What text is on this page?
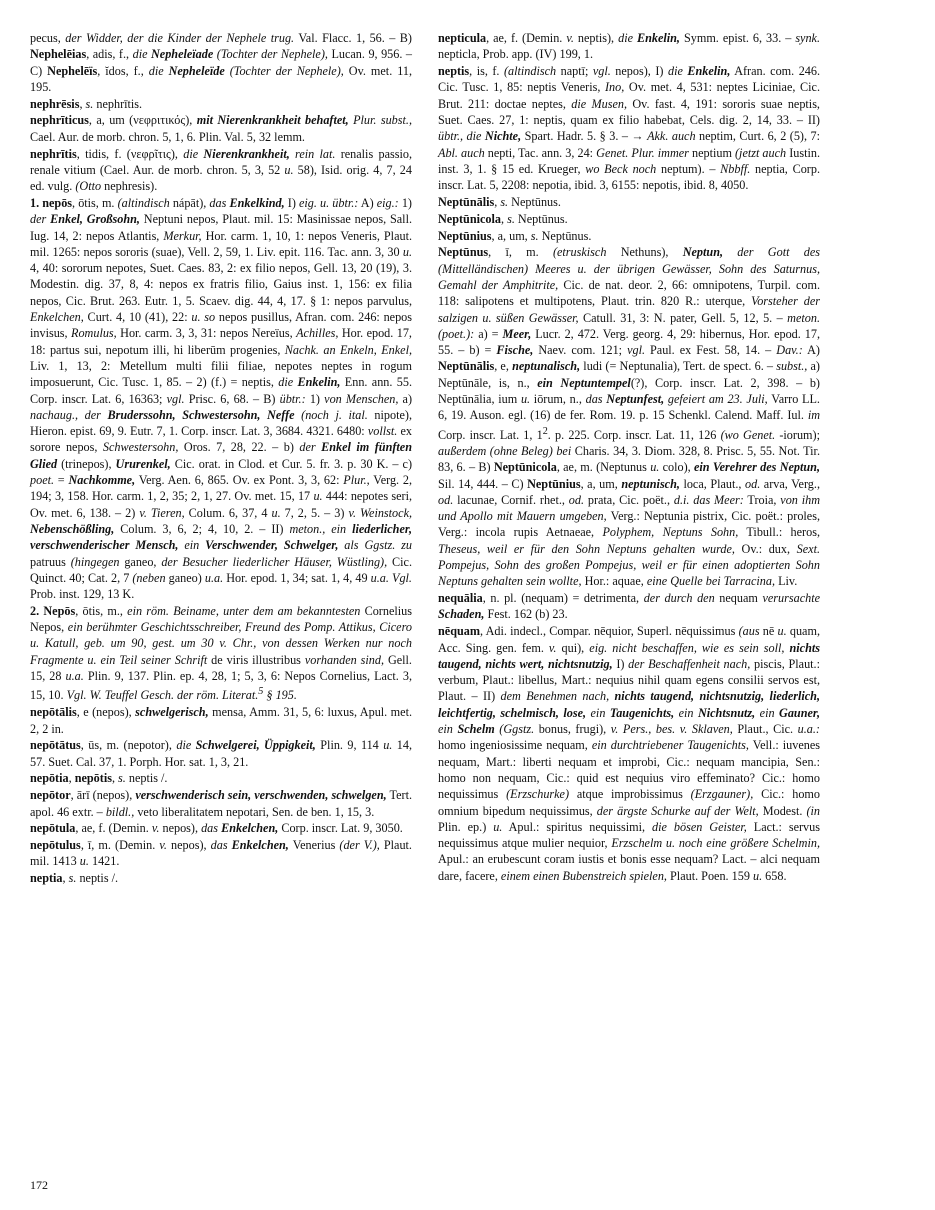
pecus, der Widder, der die Kinder der Nephele trug. Val. Flacc. 1, 56. – B) Nephelēias, adis, f., die Nepheleïade (Tochter der Nephele), Lucan. 9, 956. – C) Nephelēïs, ĭdos, f., die Nepheleïde (Tochter der Nephele), Ov. met. 11, 195.
nephrēsis, s. nephrītis.
nephrīticus, a, um (νεφριτικός), mit Nierenkrankheit behaftet, Plur. subst., Cael. Aur. de morb. chron. 5, 1, 6. Plin. Val. 5, 32 lemm.
nephrītis, tidis, f. (νεφρῖτις), die Nierenkrankheit, rein lat. renalis passio, renale vitium (Cael. Aur. de morb. chron. 5, 3, 52 u. 58), Isid. orig. 4, 7, 24 ed. vulg. (Otto nephresis).
1. nepōs, ōtis, m. (altindisch nápāt), das Enkelkind, I) eig. u. übtr.: A) eig.: 1) der Enkel, Großsohn, Neptuni nepos, Plaut. mil. 15: Masinissae nepos, Sall. Iug. 14, 2: nepos Atlantis, Merkur, Hor. carm. 1, 10, 1: nepos Veneris, Plaut. mil. 1265: nepos sororis (suae), Vell. 2, 59, 1. Liv. epit. 116. Tac. ann. 3, 30 u. 4, 40: sororum nepotes, Suet. Caes. 83, 2: ex filio nepos, Gell. 13, 20 (19), 3. Modestin. dig. 37, 8, 4: nepos ex fratris filio, Gaius inst. 1, 156: ex filia nepos, Cic. Brut. 263. Eutr. 1, 5. Scaev. dig. 44, 4, 17. § 1: nepos parvulus, Enkelchen, Curt. 4, 10 (41), 22: u. so nepos pusillus, Afran. com. 246: nepos invisus, Romulus, Hor. carm. 3, 3, 31: nepos Nereïus, Achilles, Hor. epod. 17, 18: partus sui, nepotum illi, hi liberūm progenies, Nachk. an Enkeln, Enkel, Liv. 1, 13, 2: Metellum multi filii filiae, nepotes neptes in rogum imposuerunt, Cic. Tusc. 1, 85. – 2) (f.) = neptis, die Enkelin, Enn. ann. 55. Corp. inscr. Lat. 6, 16363; vgl. Prisc. 6, 68. – B) übtr.: 1) von Menschen, a) nachaug., der Bruderssohn, Schwestersohn, Neffe (noch j. ital. nipote), Hieron. epist. 69, 9. Eutr. 7, 1. Corp. inscr. Lat. 3, 3684. 4321. 6480: vollst. ex sorore nepos, Schwestersohn, Oros. 7, 28, 22. – b) der Enkel im fünften Glied (trinepos), Ururenkel, Cic. orat. in Clod. et Cur. 5. fr. 3. p. 30 K. – c) poet. = Nachkomme, Verg. Aen. 6, 865. Ov. ex Pont. 3, 3, 62: Plur., Verg. 2, 194; 3, 158. Hor. carm. 1, 2, 35; 2, 1, 27. Ov. met. 15, 17 u. 444: nepotes seri, Ov. met. 6, 138. – 2) v. Tieren, Colum. 6, 37, 4 u. 7, 2, 5. – 3) v. Weinstock, Nebenschößling, Colum. 3, 6, 2; 4, 10, 2. – II) meton., ein liederlicher, verschwenderischer Mensch, ein Verschwender, Schwelger, als Ggstz. zu patruus (hingegen ganeo, der Besucher liederlicher Häuser, Wüstling), Cic. Quinct. 40; Cat. 2, 7 (neben ganeo) u.a. Hor. epod. 1, 34; sat. 1, 4, 49 u.a. Vgl. Prob. inst. 129, 13 K.
2. Nepōs, ōtis, m., ein röm. Beiname, unter dem am bekanntesten Cornelius Nepos, ein berühmter Geschichtsschreiber, Freund des Pomp. Attikus, Cicero u. Katull, geb. um 90, gest. um 30 v. Chr., von dessen Werken nur noch Fragmente u. ein Teil seiner Schrift de viris illustribus vorhanden sind, Gell. 15, 28 u.a. Plin. 9, 137. Plin. ep. 4, 28, 1; 5, 3, 6: Nepos Cornelius, Lact. 3, 15, 10. Vgl. W. Teuffel Gesch. der röm. Literat.$^5$ § 195.
nepōtālis, e (nepos), schwelgerisch, mensa, Amm. 31, 5, 6: luxus, Apul. met. 2, 2 in.
nepōtātus, ūs, m. (nepotor), die Schwelgerei, Üppigkeit, Plin. 9, 114 u. 14, 57. Suet. Cal. 37, 1. Porph. Hor. sat. 1, 3, 21.
nepōtia, nepōtis, s. neptis /.
nepōtor, ārī (nepos), verschwenderisch sein, verschwenden, schwelgen, Tert. apol. 46 extr. – bildl., veto liberalitatem nepotari, Sen. de ben. 1, 15, 3.
nepōtula, ae, f. (Demin. v. nepos), das Enkelchen, Corp. inscr. Lat. 9, 3050.
nepōtulus, ī, m. (Demin. v. nepos), das Enkelchen, Venerius (der V.), Plaut. mil. 1413 u. 1421.
neptia, s. neptis /.
nepticula, ae, f. (Demin. v. neptis), die Enkelin, Symm. epist. 6, 33. – synk. nepticla, Prob. app. (IV) 199, 1.
neptis, is, f. (altindisch naptī; vgl. nepos), I) die Enkelin, Afran. com. 246. Cic. Tusc. 1, 85: neptis Veneris, Ino, Ov. met. 4, 531: neptes Liciniae, Cic. Brut. 211: doctae neptes, die Musen, Ov. fast. 4, 191: sororis suae neptis, Suet. Caes. 27, 1: neptis, quam ex filio habebat, Cels. dig. 2, 14, 33. – II) übtr., die Nichte, Spart. Hadr. 5. § 3. – → Akk. auch neptim, Curt. 6, 2 (5), 7: Abl. auch nepti, Tac. ann. 3, 24: Genet. Plur. immer neptium (jetzt auch Iustin. inst. 3, 1. § 15 ed. Krueger, wo Beck noch neptum). – Nbbff. neptia, Corp. inscr. Lat. 5, 2208: nepotia, ibid. 3, 6155: nepotis, ibid. 8, 4050.
Neptūnālis, s. Neptūnus.
Neptūnicola, s. Neptūnus.
Neptūnius, a, um, s. Neptūnus.
Neptūnus, ī, m. (etruskisch Nethuns), Neptun, der Gott des (Mittelländischen) Meeres u. der übrigen Gewässer, Sohn des Saturnus, Gemahl der Amphitrite, Cic. de nat. deor. 2, 66: omnipotens, Turpil. com. 118: salipotens et multipotens, Plaut. trin. 820 R.: uterque, Vorsteher der salzigen u. süßen Gewässer, Catull. 31, 3: N. pater, Gell. 5, 12, 5. – meton. (poet.): a) = Meer, Lucr. 2, 472. Verg. georg. 4, 29: hibernus, Hor. epod. 17, 55. – b) = Fische, Naev. com. 121; vgl. Paul. ex Fest. 58, 14. – Dav.: A) Neptūnālis, e, neptunalisch, ludi (= Neptunalia), Tert. de spect. 6. – subst., a) Neptūnāle, is, n., ein Neptuntempel(?), Corp. inscr. Lat. 2, 398. – b) Neptūnālia, ium u. iōrum, n., das Neptunfest, gefeiert am 23. Juli, Varro LL. 6, 19. Auson. egl. (16) de fer. Rom. 19. p. 15 Schenkl. Calend. Maff. Iul. im Corp. inscr. Lat. 1, $1^2$. p. 225. Corp. inscr. Lat. 11, 126 (wo Genet. -iorum); außerdem (ohne Beleg) bei Charis. 34, 3. Diom. 328, 8. Prisc. 5, 55. Not. Tir. 83, 6. – B) Neptūnicola, ae, m. (Neptunus u. colo), ein Verehrer des Neptun, Sil. 14, 444. – C) Neptūnius, a, um, neptunisch, loca, Plaut., od. arva, Verg., od. lacunae, Cornif. rhet., od. prata, Cic. poët., d.i. das Meer: Troia, von ihm und Apollo mit Mauern umgeben, Verg.: Neptunia pistrix, Cic. poët.: proles, Verg.: incola rupis Aetnaeae, Polyphem, Neptuns Sohn, Tibull.: heros, Theseus, weil er für den Sohn Neptuns gehalten wurde, Ov.: dux, Sext. Pompejus, Sohn des großen Pompejus, weil er für einen adoptierten Sohn Neptuns gehalten sein wollte, Hor.: aquae, eine Quelle bei Tarracina, Liv.
nequālia, n. pl. (nequam) = detrimenta, der durch den nequam verursachte Schaden, Fest. 162 (b) 23.
nēquam, Adi. indecl., Compar. nēquior, Superl. nēquissimus (aus nē u. quam, Acc. Sing. gen. fem. v. qui), eig. nicht beschaffen, wie es sein soll, nichts taugend, nichts wert, nichtsnutzig, I) der Beschaffenheit nach, piscis, Plaut.: verbum, Plaut.: libellus, Mart.: nequius nihil quam egens consilii servos est, Plaut. – II) dem Benehmen nach, nichts taugend, nichtsnutzig, liederlich, leichtfertig, schelmisch, lose, ein Taugenichts, ein Nichtsnutz, ein Gauner, ein Schelm (Ggstz. bonus, frugi), v. Pers., bes. v. Sklaven, Plaut., Cic. u.a.: homo ingeniosissime nequam, ein durchtriebener Taugenichts, Vell.: iuvenes nequam, Mart.: liberti nequam et improbi, Cic.: nequam mancipia, Sen.: homo non nequam, Cic.: quid est nequius viro effeminato? Cic.: homo nequissimus (Erzschurke) atque improbissimus (Erzgauner), Cic.: homo omnium bipedum nequissimus, der ärgste Schurke auf der Welt, Modest. (in Plin. ep.) u. Apul.: spiritus nequissimi, die bösen Geister, Lact.: servus nequissimus atque mulier nequior, Erzschelm u. noch eine größere Schelmin, Apul.: an erubescunt coram iustis et bonis esse nequam? Lact. – alci nequam dare, facere, einem einen Bubenstreich spielen, Plaut. Poen. 159 u. 658.
172
